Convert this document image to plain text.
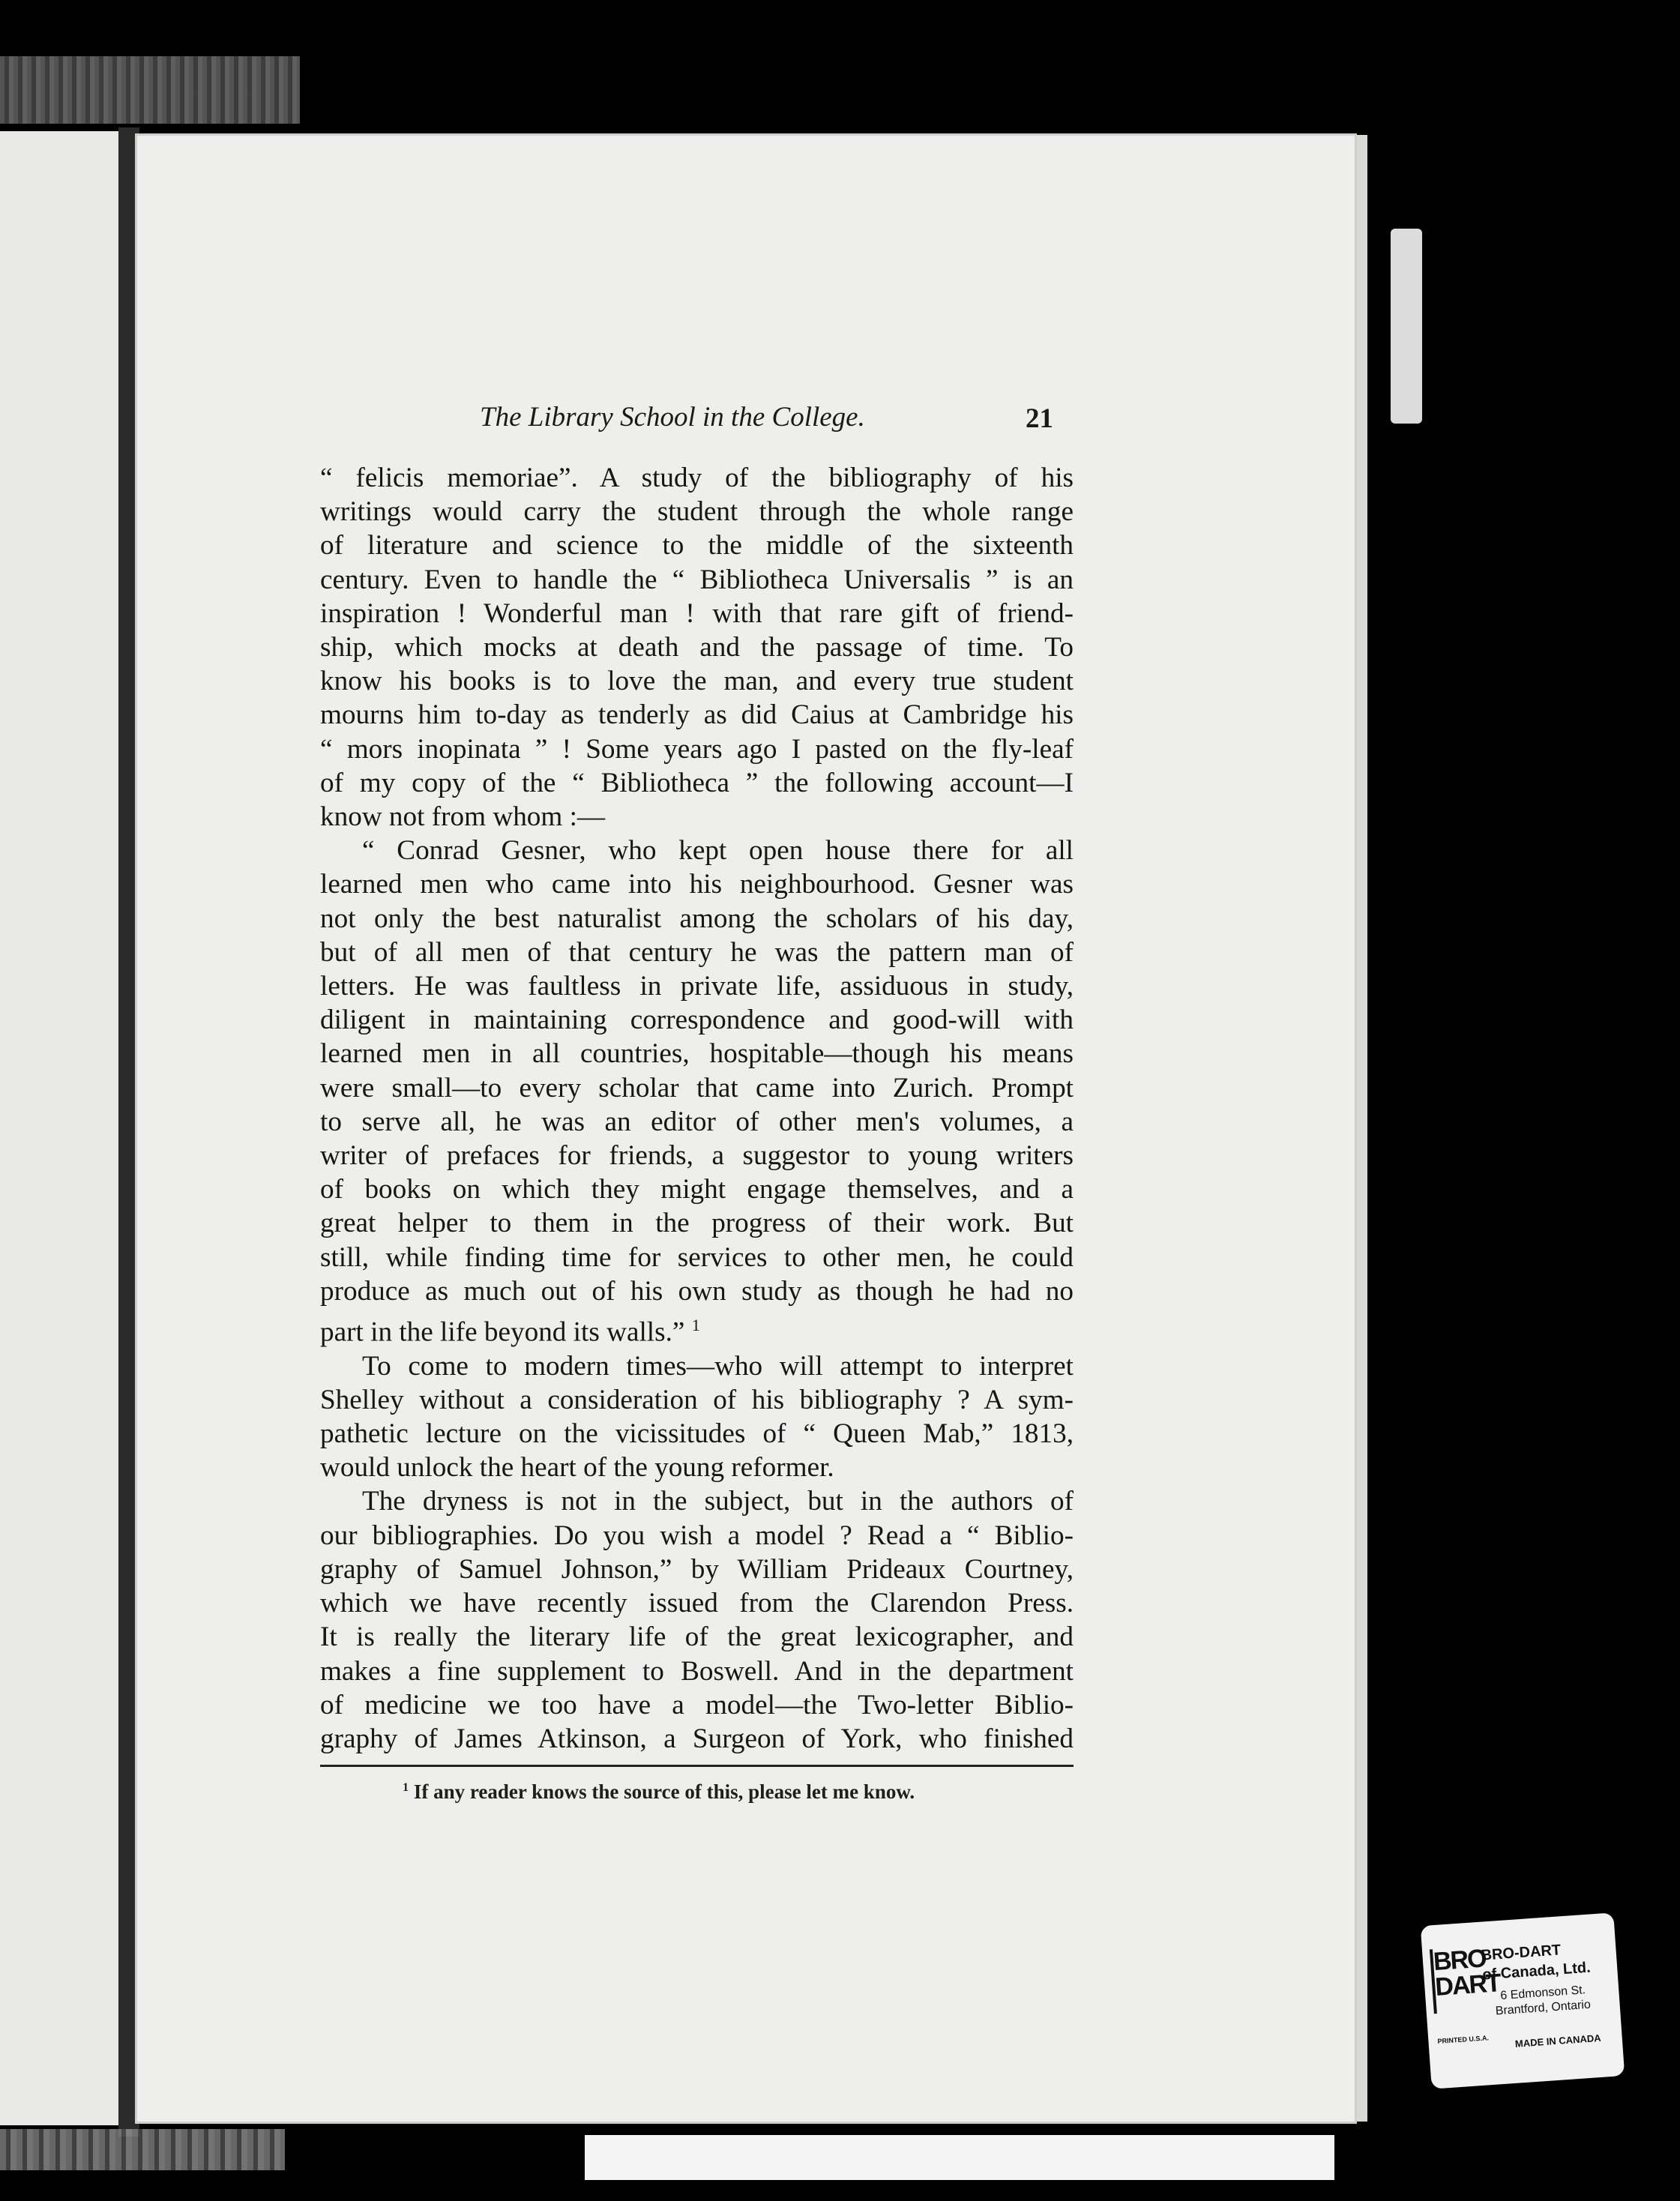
The Library School in the College.	21
“ felicis memoriae”. A study of the bibliography of his
writings would carry the student through the whole range
of literature and science to the middle of the sixteenth
century. Even to handle the “ Bibliotheca Universalis ” is an
inspiration ! Wonderful man ! with that rare gift of friend-
ship, which mocks at death and the passage of time. To
know his books is to love the man, and every true student
mourns him to-day as tenderly as did Caius at Cambridge his
“ mors inopinata ” ! Some years ago I pasted on the fly-leaf
of my copy of the “ Bibliotheca ” the following account—I
know not from whom :—
“ Conrad Gesner, who kept open house there for all
learned men who came into his neighbourhood. Gesner was
not only the best naturalist among the scholars of his day,
but of all men of that century he was the pattern man of
letters. He was faultless in private life, assiduous in study,
diligent in maintaining correspondence and good-will with
learned men in all countries, hospitable—though his means
were small—to every scholar that came into Zurich. Prompt
to serve all, he was an editor of other men's volumes, a
writer of prefaces for friends, a suggestor to young writers
of books on which they might engage themselves, and a
great helper to them in the progress of their work. But
still, while finding time for services to other men, he could
produce as much out of his own study as though he had no
part in the life beyond its walls.” $^1$
To come to modern times—who will attempt to interpret
Shelley without a consideration of his bibliography ? A sym-
pathetic lecture on the vicissitudes of “ Queen Mab,” 1813,
would unlock the heart of the young reformer.
The dryness is not in the subject, but in the authors of
our bibliographies. Do you wish a model ? Read a “ Biblio-
graphy of Samuel Johnson,” by William Prideaux Courtney,
which we have recently issued from the Clarendon Press.
It is really the literary life of the great lexicographer, and
makes a fine supplement to Boswell. And in the department
of medicine we too have a model—the Two-letter Biblio-
graphy of James Atkinson, a Surgeon of York, who finished
$^1$ If any reader knows the source of this, please let me know.
BRO
DART
BRO-DART
of Canada, Ltd.
6 Edmonson St.
Brantford, Ontario
MADE IN CANADA
PRINTED U.S.A.
